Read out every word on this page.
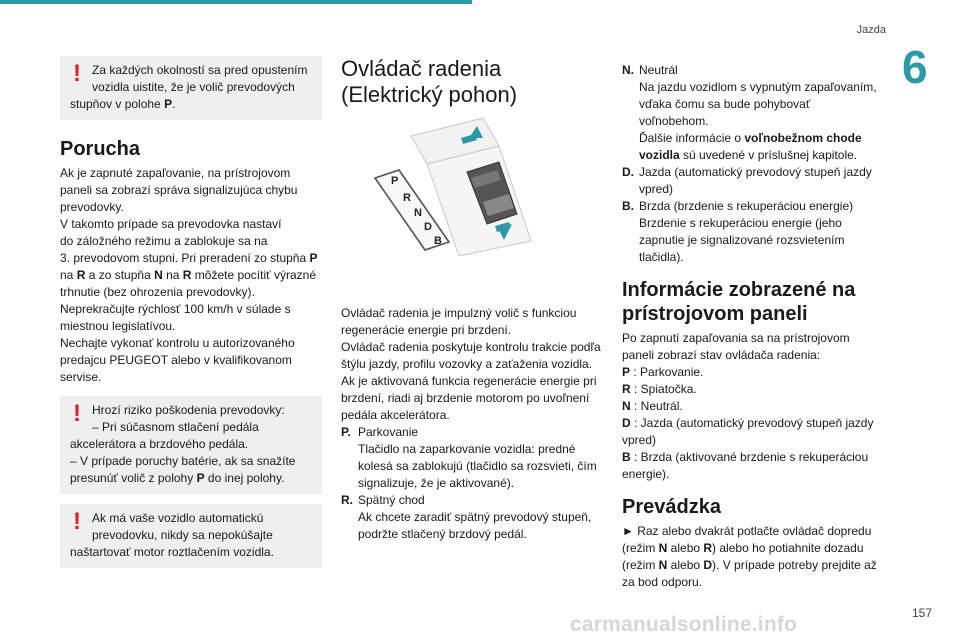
Jazda
6
! Za každých okolností sa pred opustením
vozidla uistite, že je volič prevodových
stupňov v polohe P.

Porucha

Ak je zapnuté zapaľovanie, na prístrojovom
paneli sa zobrazí správa signalizujúca chybu
prevodovky.
V takomto prípade sa prevodovka nastaví
do záložného režimu a zablokuje sa na
3. prevodovom stupni. Pri preradení zo stupňa P
na R a zo stupňa N na R môžete pocítiť výrazné
trhnutie (bez ohrozenia prevodovky).
Neprekračujte rýchlosť 100 km/h v súlade s
miestnou legislatívou.
Nechajte vykonať kontrolu u autorizovaného
predajcu PEUGEOT alebo v kvalifikovanom
servise.

! Hrozí riziko poškodenia prevodovky:
– Pri súčasnom stlačení pedála
akcelerátora a brzdového pedála.
– V prípade poruchy batérie, ak sa snažíte
presunúť volič z polohy P do inej polohy.

! Ak má vaše vozidlo automatickú
prevodovku, nikdy sa nepokúšajte
naštartovať motor roztlačením vozidla.

Ovládač radenia
(Elektrický pohon)
P
R
N
D
B

Ovládač radenia je impulzný volič s funkciou
regenerácie energie pri brzdení.
Ovládač radenia poskytuje kontrolu trakcie podľa
štýlu jazdy, profilu vozovky a zaťaženia vozidla.
Ak je aktivovaná funkcia regenerácie energie pri
brzdení, riadi aj brzdenie motorom po uvoľnení
pedála akcelerátora.

P. Parkovanie
Tlačidlo na zaparkovanie vozidla: predné
kolesá sa zablokujú (tlačidlo sa rozsvieti, čím
signalizuje, že je aktivované).
R. Spätný chod
Ak chcete zaradiť spätný prevodový stupeň,
podržte stlačený brzdový pedál.
N. Neutrál
Na jazdu vozidlom s vypnutým zapaľovaním,
vďaka čomu sa bude pohybovať
voľnobehom.
Ďalšie informácie o voľnobežnom chode
vozidla sú uvedené v príslušnej kapitole.
D. Jazda (automatický prevodový stupeň jazdy
vpred)
B. Brzda (brzdenie s rekuperáciou energie)
Brzdenie s rekuperáciou energie (jeho
zapnutie je signalizované rozsvietením
tlačidla).
Informácie zobrazené na
prístrojovom paneli

Po zapnutí zapaľovania sa na prístrojovom
paneli zobrazí stav ovládača radenia:
P : Parkovanie.
R : Spiatočka.
N : Neutrál.
D : Jazda (automatický prevodový stupeň jazdy
vpred)
B : Brzda (aktivované brzdenie s rekuperáciou
energie).

Prevádzka

► Raz alebo dvakrát potlačte ovládač dopredu
(režim N alebo R) alebo ho potiahnite dozadu
(režim N alebo D). V prípade potreby prejdite až
za bod odporu.

carmanualsonline.info	157
